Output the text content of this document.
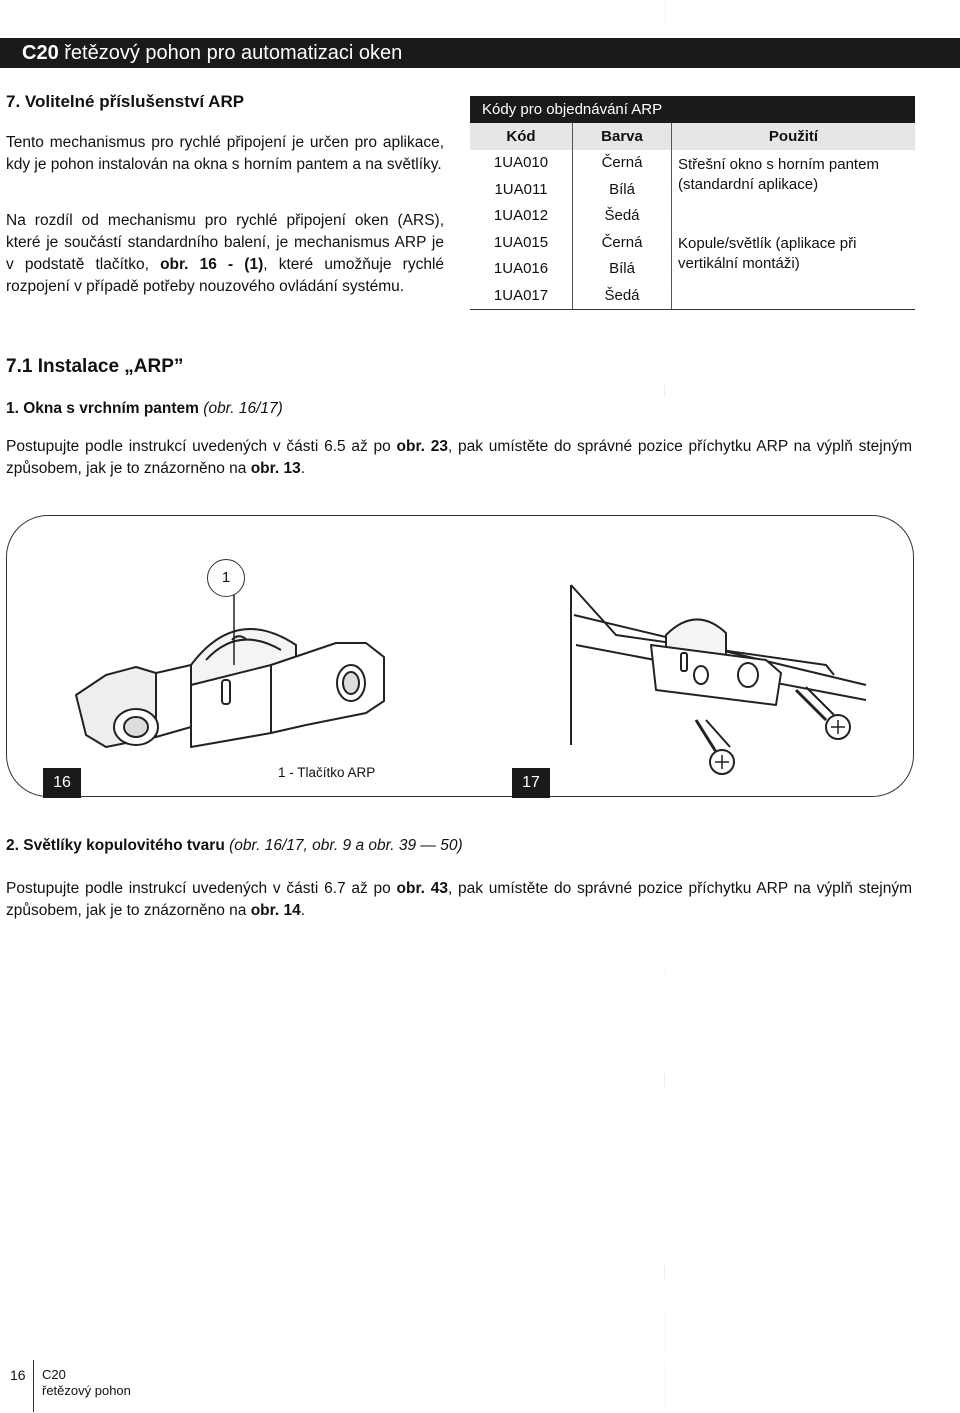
C20 řetězový pohon pro automatizaci oken
7. Volitelné příslušenství ARP
Tento mechanismus pro rychlé připojení je určen pro aplikace, kdy je pohon instalován na okna s horním pantem a na světlíky.
Na rozdíl od mechanismu pro rychlé připojení oken (ARS), které je součástí standardního balení, je mechanismus ARP je v podstatě tlačítko, obr. 16 - (1), které umožňuje rychlé rozpojení v případě potřeby nouzového ovládání systému.
Kódy pro objednávání ARP		
Kód	Barva	Použití
1UA010	Černá	Střešní okno s horním pantem (standardní aplikace)
1UA011	Bílá	
1UA012	Šedá	
1UA015	Černá	Kopule/světlík (aplikace při vertikální montáži)
1UA016	Bílá	
1UA017	Šedá	
7.1 Instalace „ARP”
1. Okna s vrchním pantem (obr. 16/17)
Postupujte podle instrukcí uvedených v části 6.5 až po obr. 23, pak umístěte do správné pozice příchytku ARP na výplň stejným způsobem, jak je to znázorněno na obr. 13.
1
16	17
1 - Tlačítko ARP
2. Světlíky kopulovitého tvaru (obr. 16/17, obr. 9 a obr. 39 — 50)
Postupujte podle instrukcí uvedených v části 6.7 až po obr. 43, pak umístěte do správné pozice příchytku ARP na výplň stejným způsobem, jak je to znázorněno na obr. 14.
16 C20
řetězový pohon
